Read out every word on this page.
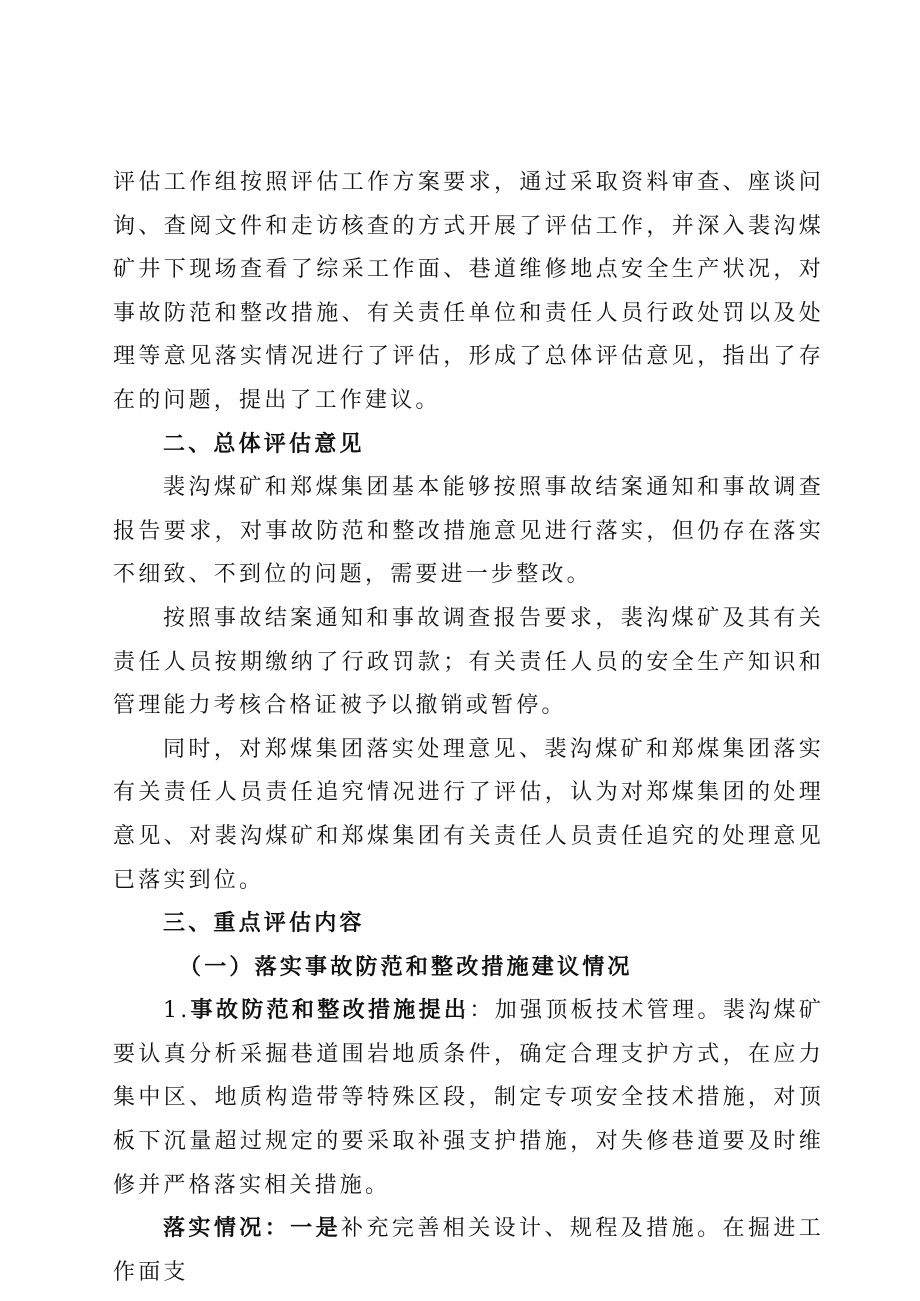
评估工作组按照评估工作方案要求，通过采取资料审查、座谈问询、查阅文件和走访核查的方式开展了评估工作，并深入裴沟煤矿井下现场查看了综采工作面、巷道维修地点安全生产状况，对事故防范和整改措施、有关责任单位和责任人员行政处罚以及处理等意见落实情况进行了评估，形成了总体评估意见，指出了存在的问题，提出了工作建议。

二、总体评估意见

裴沟煤矿和郑煤集团基本能够按照事故结案通知和事故调查报告要求，对事故防范和整改措施意见进行落实，但仍存在落实不细致、不到位的问题，需要进一步整改。

按照事故结案通知和事故调查报告要求，裴沟煤矿及其有关责任人员按期缴纳了行政罚款；有关责任人员的安全生产知识和管理能力考核合格证被予以撤销或暂停。

同时，对郑煤集团落实处理意见、裴沟煤矿和郑煤集团落实有关责任人员责任追究情况进行了评估，认为对郑煤集团的处理意见、对裴沟煤矿和郑煤集团有关责任人员责任追究的处理意见已落实到位。

三、重点评估内容

（一）落实事故防范和整改措施建议情况

1.事故防范和整改措施提出：加强顶板技术管理。裴沟煤矿要认真分析采掘巷道围岩地质条件，确定合理支护方式，在应力集中区、地质构造带等特殊区段，制定专项安全技术措施，对顶板下沉量超过规定的要采取补强支护措施，对失修巷道要及时维修并严格落实相关措施。

落实情况：一是补充完善相关设计、规程及措施。在掘进工作面支
